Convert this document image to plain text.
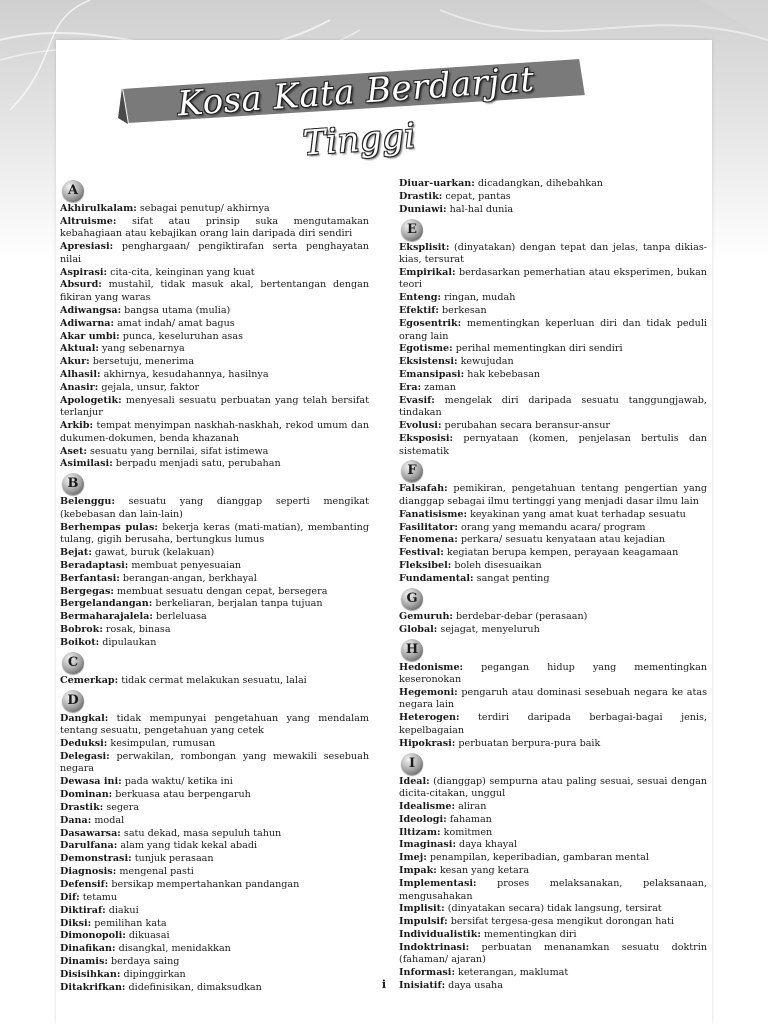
Kosa Kata Berdarjat Tinggi
A
Akhirulkalam: sebagai penutup/ akhirnya
Altruisme: sifat atau prinsip suka mengutamakan kebahagiaan atau kebajikan orang lain daripada diri sendiri
Apresiasi: penghargaan/ pengiktirafan serta penghayatan nilai
Aspirasi: cita-cita, keinginan yang kuat
Absurd: mustahil, tidak masuk akal, bertentangan dengan fikiran yang waras
Adiwangsa: bangsa utama (mulia)
Adiwarna: amat indah/ amat bagus
Akar umbi: punca, keseluruhan asas
Aktual: yang sebenarnya
Akur: bersetuju, menerima
Alhasil: akhirnya, kesudahannya, hasilnya
Anasir: gejala, unsur, faktor
Apologetik: menyesali sesuatu perbuatan yang telah bersifat terlanjur
Arkib: tempat menyimpan naskhah-naskhah, rekod umum dan dukumen-dokumen, benda khazanah
Aset: sesuatu yang bernilai, sifat istimewa
Asimilasi: berpadu menjadi satu, perubahan
B
Belenggu: sesuatu yang dianggap seperti mengikat (kebebasan dan lain-lain)
Berhempas pulas: bekerja keras (mati-matian), membanting tulang, gigih berusaha, bertungkus lumus
Bejat: gawat, buruk (kelakuan)
Beradaptasi: membuat penyesuaian
Berfantasi: berangan-angan, berkhayal
Bergegas: membuat sesuatu dengan cepat, bersegera
Bergelandangan: berkeliaran, berjalan tanpa tujuan
Bermaharajalela: berleluasa
Bobrok: rosak, binasa
Boikot: dipulaukan
C
Cemerkap: tidak cermat melakukan sesuatu, lalai
D
Dangkal: tidak mempunyai pengetahuan yang mendalam tentang sesuatu, pengetahuan yang cetek
Deduksi: kesimpulan, rumusan
Delegasi: perwakilan, rombongan yang mewakili sesebuah negara
Dewasa ini: pada waktu/ ketika ini
Dominan: berkuasa atau berpengaruh
Drastik: segera
Dana: modal
Dasawarsa: satu dekad, masa sepuluh tahun
Darulfana: alam yang tidak kekal abadi
Demonstrasi: tunjuk perasaan
Diagnosis: mengenal pasti
Defensif: bersikap mempertahankan pandangan
Dif: tetamu
Diktiraf: diakui
Diksi: pemilihan kata
Dimonopoli: dikuasai
Dinafikan: disangkal, menidakkan
Dinamis: berdaya saing
Disisihkan: dipinggirkan
Ditakrifkan: didefinisikan, dimaksudkan
Diuar-uarkan: dicadangkan, dihebahkan
Drastik: cepat, pantas
Duniawi: hal-hal dunia
E
Eksplisit: (dinyatakan) dengan tepat dan jelas, tanpa dikias-kias, tersurat
Empirikal: berdasarkan pemerhatian atau eksperimen, bukan teori
Enteng: ringan, mudah
Efektif: berkesan
Egosentrik: mementingkan keperluan diri dan tidak peduli orang lain
Egotisme: perihal mementingkan diri sendiri
Eksistensi: kewujudan
Emansipasi: hak kebebasan
Era: zaman
Evasif: mengelak diri daripada sesuatu tanggungjawab, tindakan
Evolusi: perubahan secara beransur-ansur
Eksposisi: pernyataan (komen, penjelasan bertulis dan sistematik
F
Falsafah: pemikiran, pengetahuan tentang pengertian yang dianggap sebagai ilmu tertinggi yang menjadi dasar ilmu lain
Fanatisisme: keyakinan yang amat kuat terhadap sesuatu
Fasilitator: orang yang memandu acara/ program
Fenomena: perkara/ sesuatu kenyataan atau kejadian
Festival: kegiatan berupa kempen, perayaan keagamaan
Fleksibel: boleh disesuaikan
Fundamental: sangat penting
G
Gemuruh: berdebar-debar (perasaan)
Global: sejagat, menyeluruh
H
Hedonisme: pegangan hidup yang mementingkan keseronokan
Hegemoni: pengaruh atau dominasi sesebuah negara ke atas negara lain
Heterogen: terdiri daripada berbagai-bagai jenis, kepelbagaian
Hipokrasi: perbuatan berpura-pura baik
I
Ideal: (dianggap) sempurna atau paling sesuai, sesuai dengan dicita-citakan, unggul
Idealisme: aliran
Ideologi: fahaman
Iltizam: komitmen
Imaginasi: daya khayal
Imej: penampilan, keperibadian, gambaran mental
Impak: kesan yang ketara
Implementasi: proses melaksanakan, pelaksanaan, mengusahakan
Implisit: (dinyatakan secara) tidak langsung, tersirat
Impulsif: bersifat tergesa-gesa mengikut dorongan hati
Individualistik: mementingkan diri
Indoktrinasi: perbuatan menanamkan sesuatu doktrin (fahaman/ ajaran)
Informasi: keterangan, maklumat
Inisiatif: daya usaha
i
